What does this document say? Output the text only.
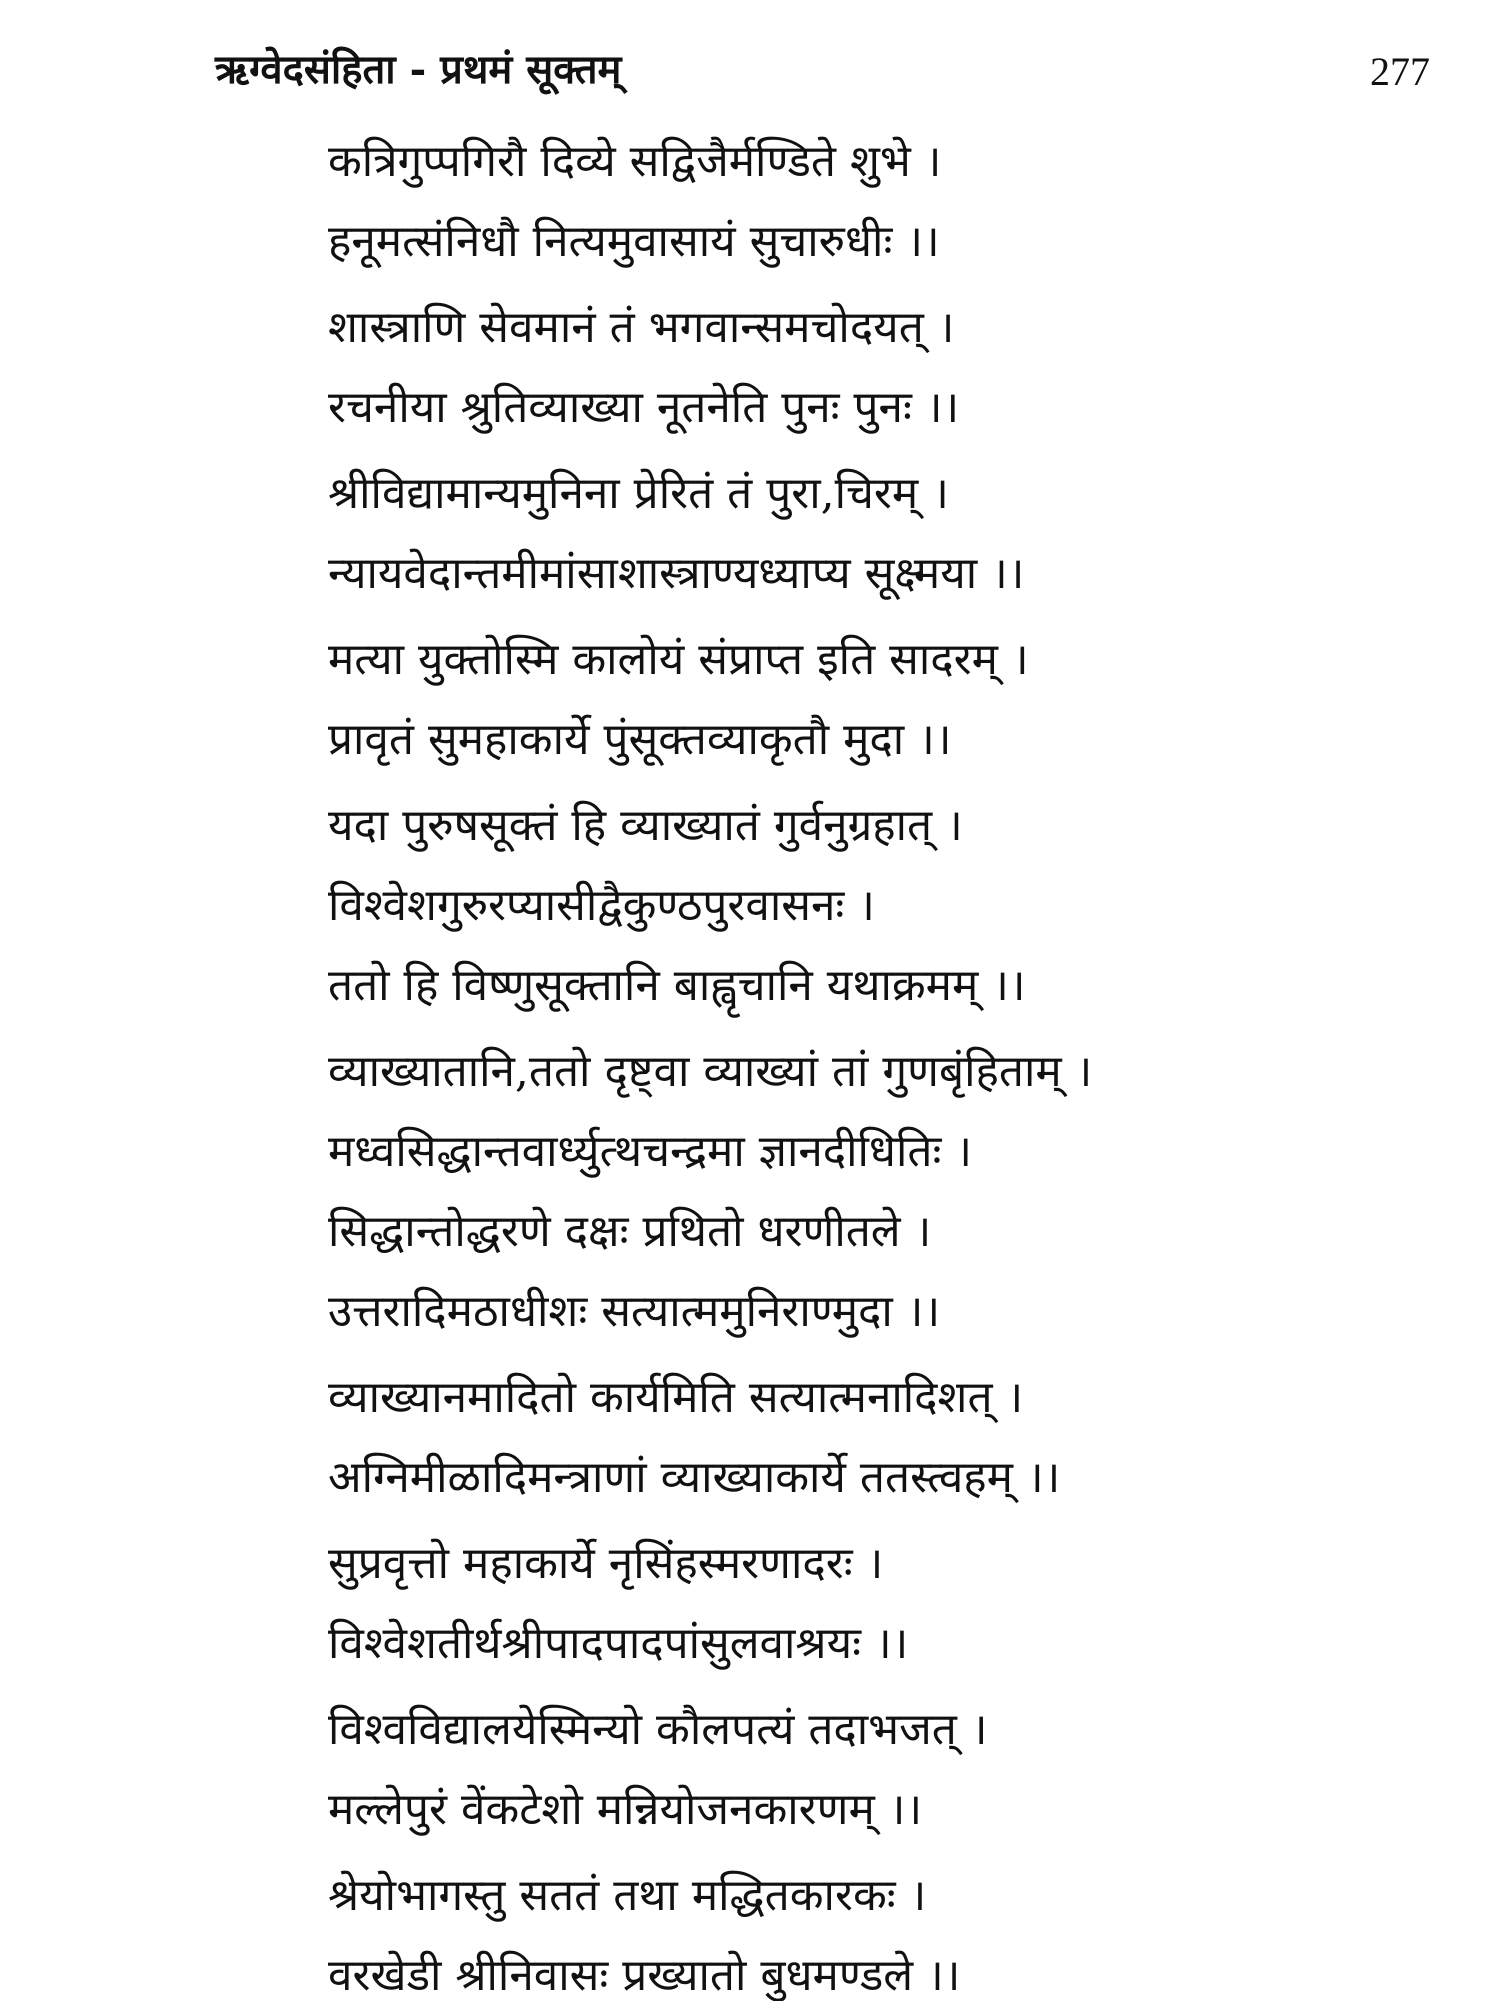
ऋग्वेदसंहिता - प्रथमं सूक्तम्	277

कत्रिगुप्पगिरौ दिव्ये सद्विजैर्मण्डिते शुभे ।

हनूमत्संनिधौ नित्यमुवासायं सुचारुधीः ।।

शास्त्राणि सेवमानं तं भगवान्समचोदयत् ।

रचनीया श्रुतिव्याख्या नूतनेति पुनः पुनः ।।

श्रीविद्यामान्यमुनिना प्रेरितं तं पुरा,चिरम् ।

न्यायवेदान्तमीमांसाशास्त्राण्यध्याप्य सूक्ष्मया ।।

मत्या युक्तोस्मि कालोयं संप्राप्त इति सादरम् ।

प्रावृतं सुमहाकार्ये पुंसूक्तव्याकृतौ मुदा ।।

यदा पुरुषसूक्तं हि व्याख्यातं गुर्वनुग्रहात् ।

विश्वेशगुरुरप्यासीद्वैकुण्ठपुरवासनः ।

ततो हि विष्णुसूक्तानि बाह्वृचानि यथाक्रमम् ।।

व्याख्यातानि,ततो दृष्ट्वा व्याख्यां तां गुणबृंहिताम् ।

मध्वसिद्धान्तवार्ध्युत्थचन्द्रमा ज्ञानदीधितिः ।

सिद्धान्तोद्धरणे दक्षः प्रथितो धरणीतले ।

उत्तरादिमठाधीशः सत्यात्ममुनिराण्मुदा ।।

व्याख्यानमादितो कार्यमिति सत्यात्मनादिशत् ।

अग्निमीळादिमन्त्राणां व्याख्याकार्ये ततस्त्वहम् ।।

सुप्रवृत्तो महाकार्ये नृसिंहस्मरणादरः ।

विश्वेशतीर्थश्रीपादपादपांसुलवाश्रयः ।।

विश्वविद्यालयेस्मिन्यो कौलपत्यं तदाभजत् ।

मल्लेपुरं वेंकटेशो मन्नियोजनकारणम् ।।

श्रेयोभागस्तु सततं तथा मद्धितकारकः ।

वरखेडी श्रीनिवासः प्रख्यातो बुधमण्डले ।।
